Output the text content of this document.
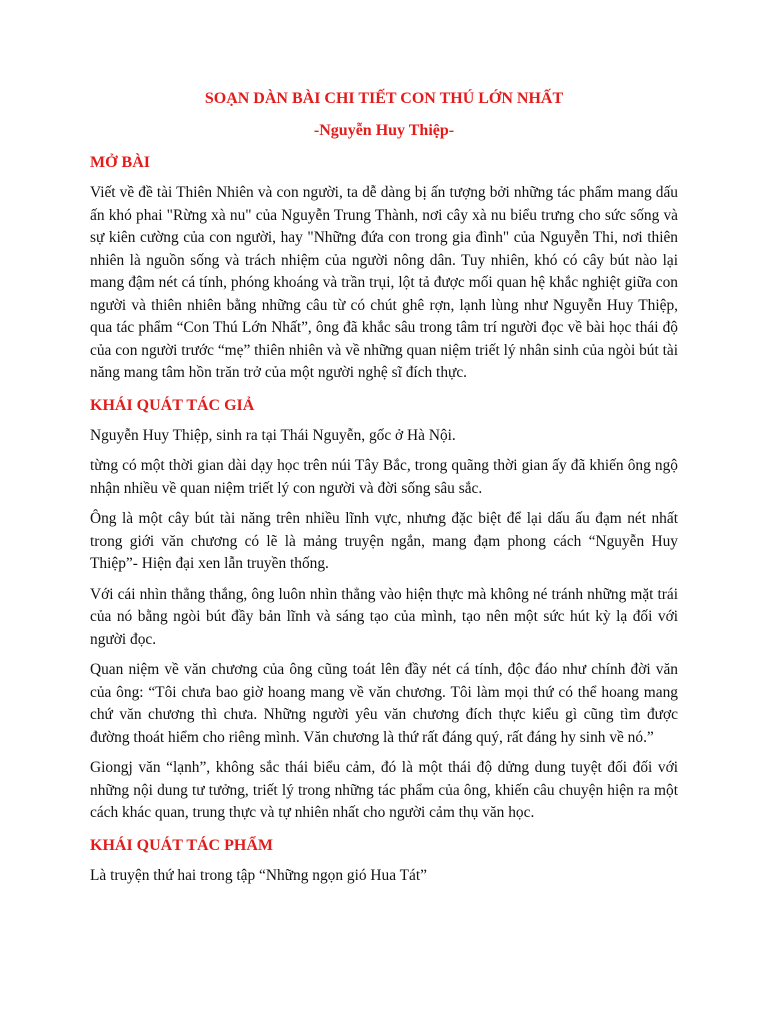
SOẠN DÀN BÀI CHI TIẾT CON THÚ LỚN NHẤT
-Nguyễn Huy Thiệp-
MỞ BÀI

Viết về đề tài Thiên Nhiên và con người, ta dễ dàng bị ấn tượng bởi những tác phẩm mang dấu ấn khó phai "Rừng xà nu" của Nguyễn Trung Thành, nơi cây xà nu biểu trưng cho sức sống và sự kiên cường của con người, hay "Những đứa con trong gia đình" của Nguyễn Thi, nơi thiên nhiên là nguồn sống và trách nhiệm của người nông dân. Tuy nhiên, khó có cây bút nào lại mang đậm nét cá tính, phóng khoáng và trần trụi, lột tả được mối quan hệ khắc nghiệt giữa con người và thiên nhiên bằng những câu từ có chút ghê rợn, lạnh lùng như Nguyễn Huy Thiệp, qua tác phẩm “Con Thú Lớn Nhất”, ông đã khắc sâu trong tâm trí người đọc về bài học thái độ của con người trước “mẹ” thiên nhiên và về những quan niệm triết lý nhân sinh của ngòi bút tài năng mang tâm hồn trăn trở của một người nghệ sĩ đích thực.

KHÁI QUÁT TÁC GIẢ

Nguyễn Huy Thiệp, sinh ra tại Thái Nguyễn, gốc ở Hà Nội.

từng có một thời gian dài dạy học trên núi Tây Bắc, trong quãng thời gian ấy đã khiến ông ngộ nhận nhiều về quan niệm triết lý con người và đời sống sâu sắc.

Ông là một cây bút tài năng trên nhiều lĩnh vực, nhưng đặc biệt để lại dấu ấu đạm nét nhất trong giới văn chương có lẽ là mảng truyện ngắn, mang đạm phong cách “Nguyễn Huy Thiệp”- Hiện đại xen lẫn truyền thống.

Với cái nhìn thẳng thắng, ông luôn nhìn thẳng vào hiện thực mà không né tránh những mặt trái của nó bằng ngòi bút đầy bản lĩnh và sáng tạo của mình, tạo nên một sức hút kỳ lạ đối với người đọc.

Quan niệm về văn chương của ông cũng toát lên đầy nét cá tính, độc đáo như chính đời văn của ông: “Tôi chưa bao giờ hoang mang về văn chương. Tôi làm mọi thứ có thể hoang mang chứ văn chương thì chưa. Những người yêu văn chương đích thực kiểu gì cũng tìm được đường thoát hiểm cho riêng mình. Văn chương là thứ rất đáng quý, rất đáng hy sinh về nó.”

Giongj văn “lạnh”, không sắc thái biểu cảm, đó là một thái độ dửng dung tuyệt đối đối với những nội dung tư tưởng, triết lý trong những tác phẩm của ông, khiến câu chuyện hiện ra một cách khác quan, trung thực và tự nhiên nhất cho người cảm thụ văn học.

KHÁI QUÁT TÁC PHẨM

Là truyện thứ hai trong tập “Những ngọn gió Hua Tát”
